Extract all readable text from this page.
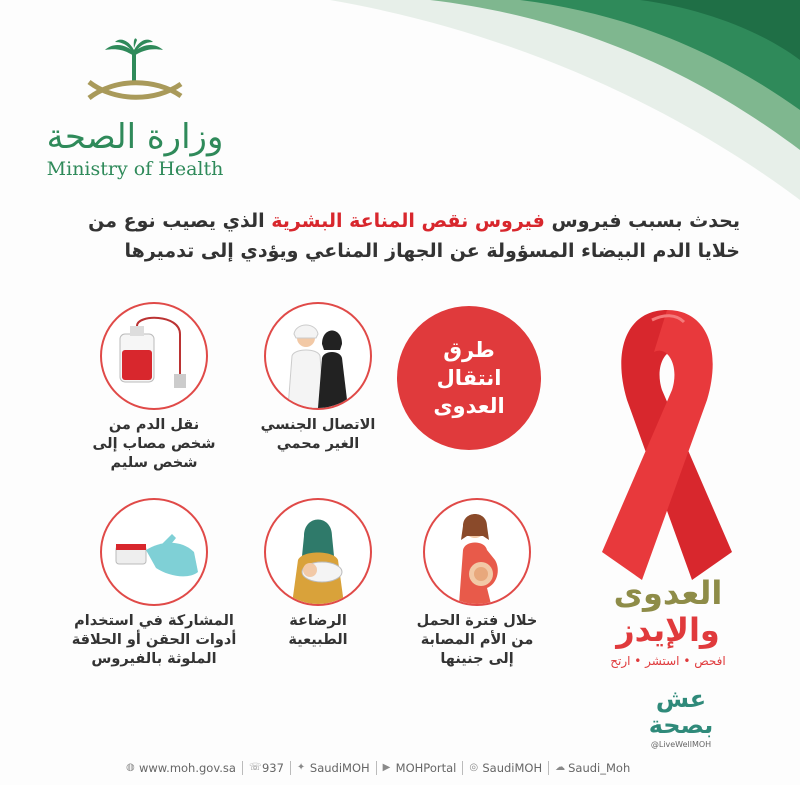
وزارة الصحة
Ministry of Health
يحدث بسبب فيروس فيروس نقص المناعة البشرية الذي يصيب نوع من خلايا الدم البيضاء المسؤولة عن الجهاز المناعي ويؤدي إلى تدميرها
طرق
انتقال
العدوى
الاتصال الجنسي
الغير محمي
نقل الدم من
شخص مصاب إلى
شخص سليم
خلال فترة الحمل
من الأم المصابة
إلى جنينها
الرضاعة
الطبيعية
المشاركة في استخدام
أدوات الحقن أو الحلاقة
الملوثة بالفيروس
العدوى
والإيدز
افحص • استشر • ارتح
عش بصحة
@LiveWellMOH
◍ www.moh.gov.sa ☏ 937 ✦ SaudiMOH ▶ MOHPortal ◎ SaudiMOH ☁ Saudi_Moh
